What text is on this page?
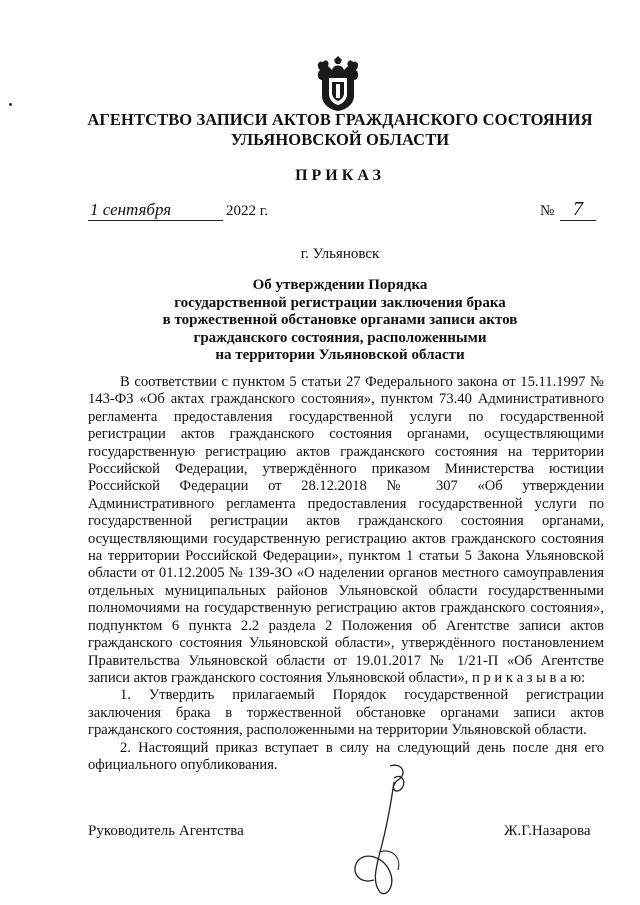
АГЕНТСТВО ЗАПИСИ АКТОВ ГРАЖДАНСКОГО СОСТОЯНИЯ
УЛЬЯНОВСКОЙ ОБЛАСТИ
ПРИКАЗ
1 сентября	2022 г.	№ 7
г. Ульяновск
Об утверждении Порядка
государственной регистрации заключения брака
в торжественной обстановке органами записи актов
гражданского состояния, расположенными
на территории Ульяновской области

В соответствии с пунктом 5 статьи 27 Федерального закона от 15.11.1997 № 143-ФЗ «Об актах гражданского состояния», пунктом 73.40 Административного регламента предоставления государственной услуги по государственной регистрации актов гражданского состояния органами, осуществляющими государственную регистрацию актов гражданского состояния на территории Российской Федерации, утверждённого приказом Министерства юстиции Российской Федерации от 28.12.2018 № 307 «Об утверждении Административного регламента предоставления государственной услуги по государственной регистрации актов гражданского состояния органами, осуществляющими государственную регистрацию актов гражданского состояния на территории Российской Федерации», пунктом 1 статьи 5 Закона Ульяновской области от 01.12.2005 № 139-ЗО «О наделении органов местного самоуправления отдельных муниципальных районов Ульяновской области государственными полномочиями на государственную регистрацию актов гражданского состояния», подпунктом 6 пункта 2.2 раздела 2 Положения об Агентстве записи актов гражданского состояния Ульяновской области», утверждённого постановлением Правительства Ульяновской области от 19.01.2017 № 1/21-П «Об Агентстве записи актов гражданского состояния Ульяновской области», п р и к а з ы в а ю:

1. Утвердить прилагаемый Порядок государственной регистрации заключения брака в торжественной обстановке органами записи актов гражданского состояния, расположенными на территории Ульяновской области.

2. Настоящий приказ вступает в силу на следующий день после дня его официального опубликования.

Руководитель Агентства	Ж.Г.Назарова
